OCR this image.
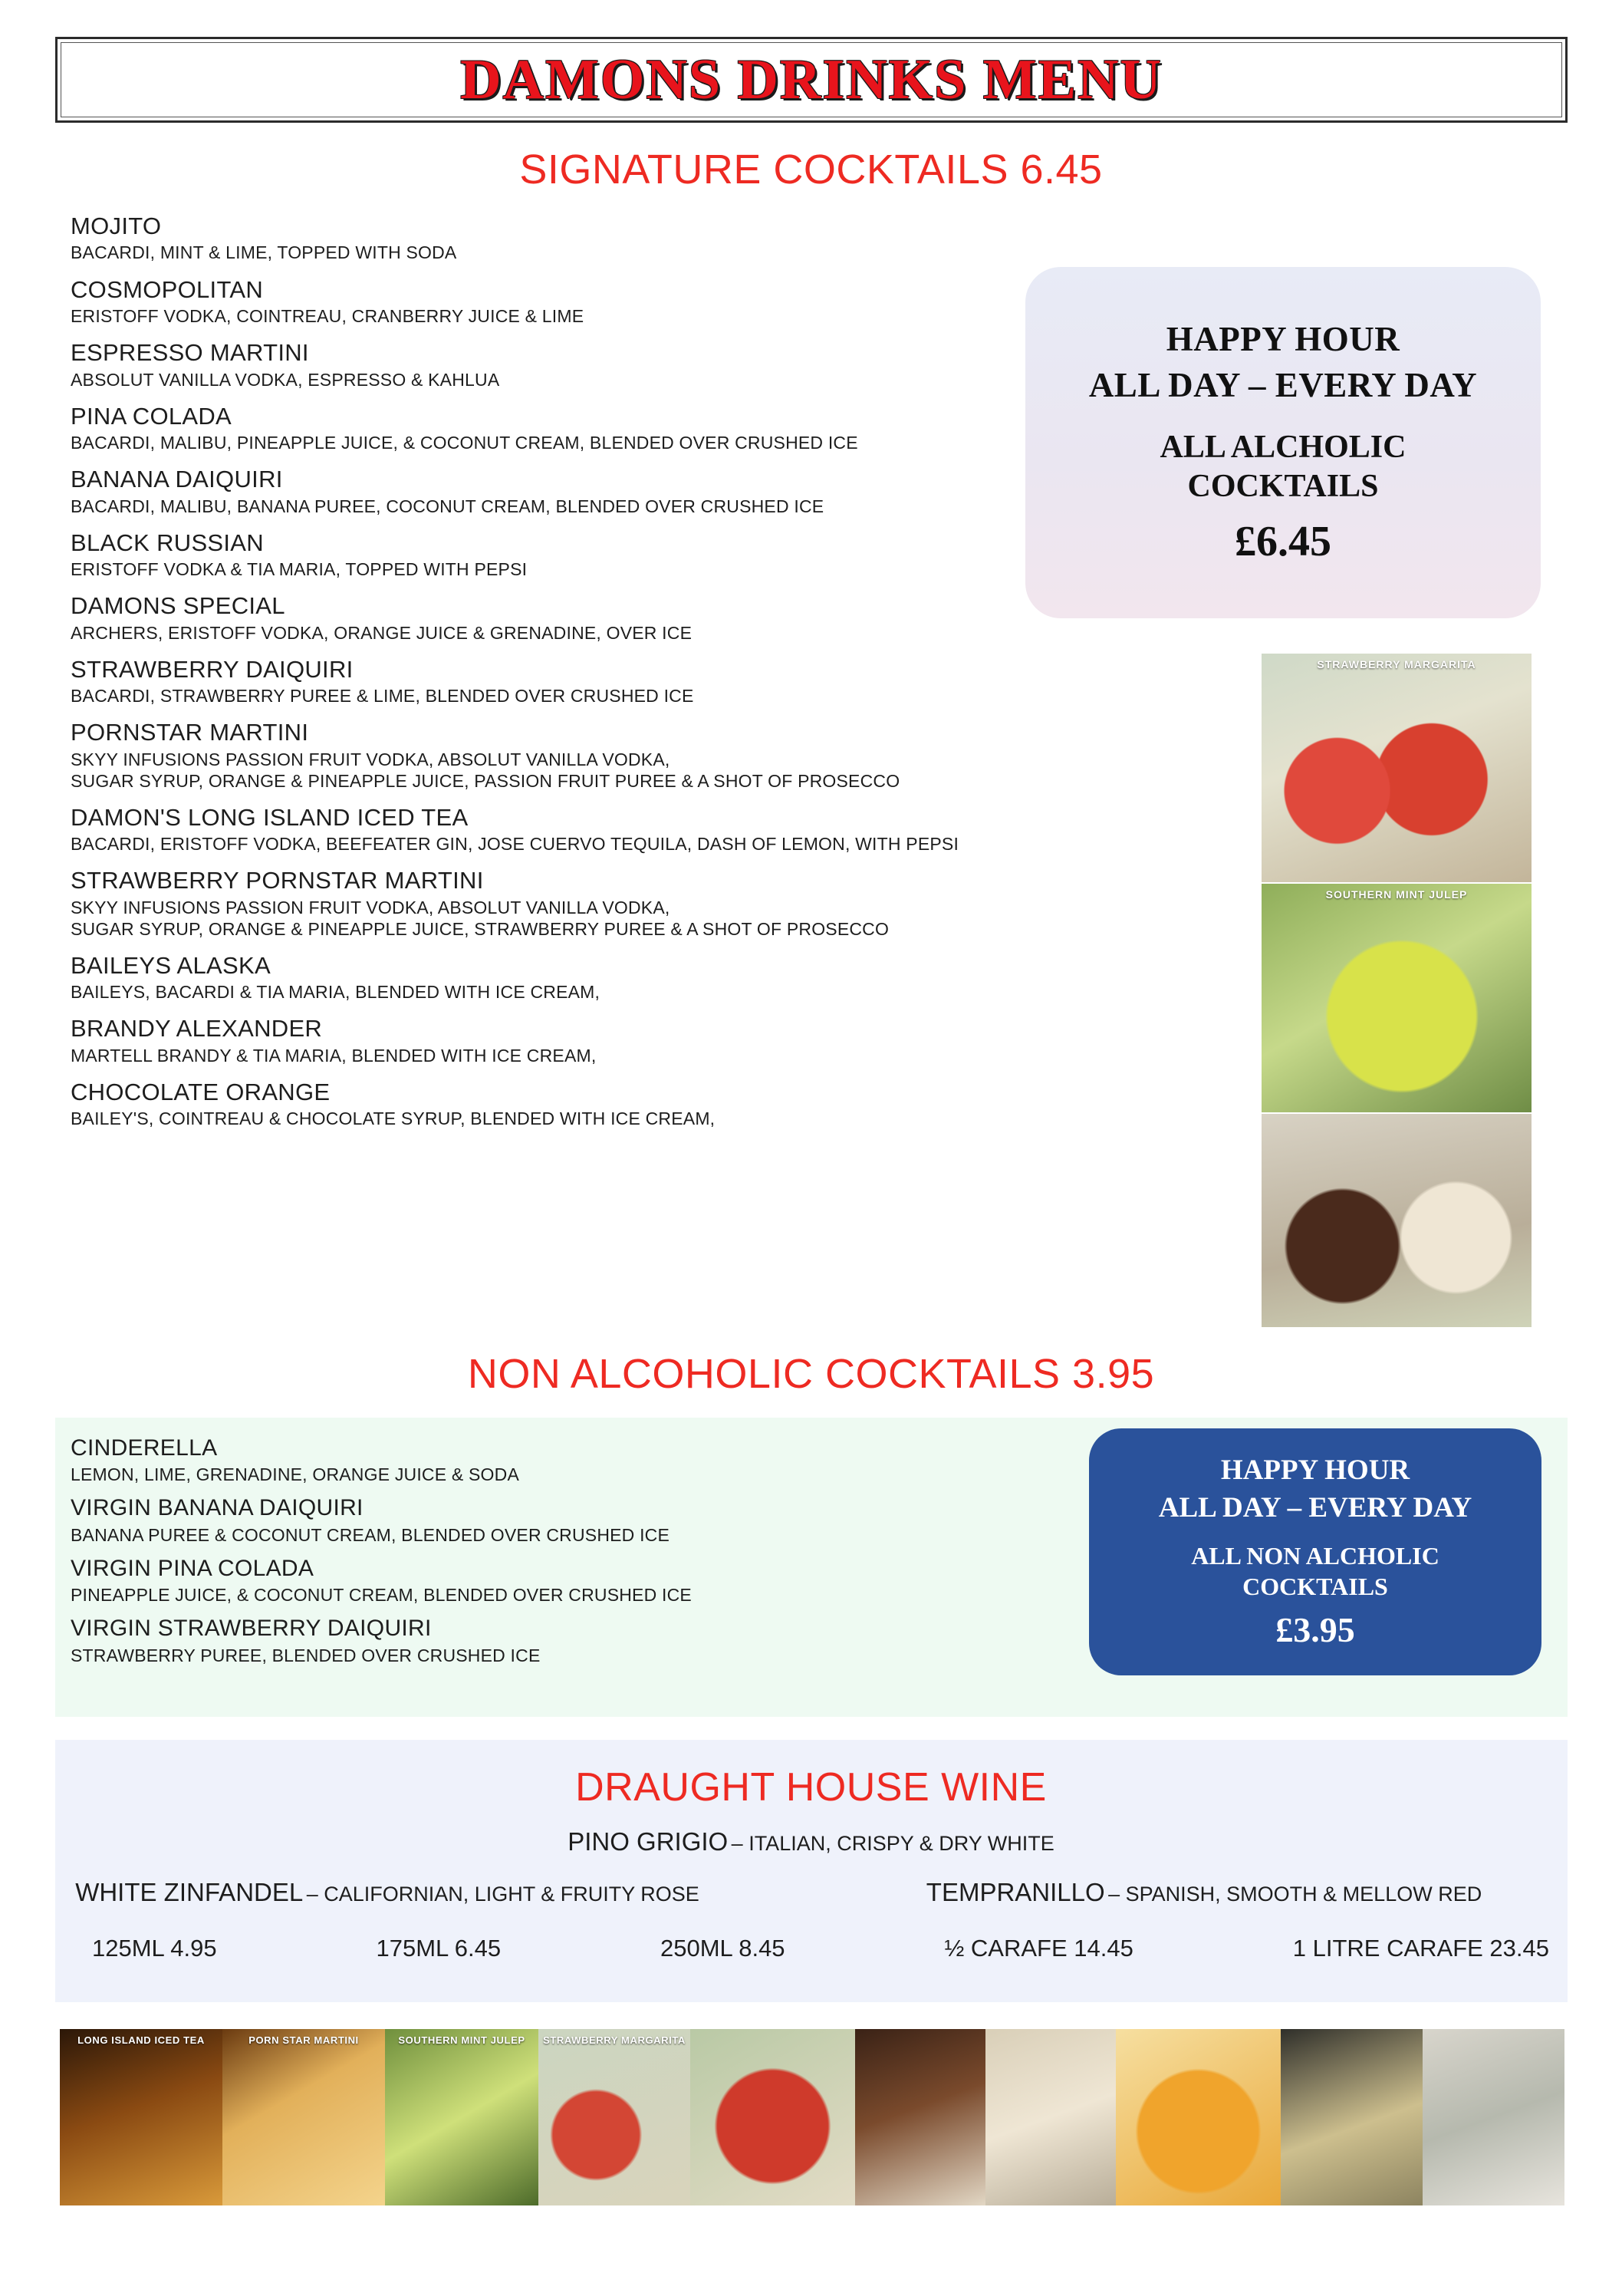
DAMONS DRINKS MENU
SIGNATURE COCKTAILS 6.45
MOJITO
BACARDI, MINT & LIME, TOPPED WITH SODA
COSMOPOLITAN
ERISTOFF VODKA, COINTREAU, CRANBERRY JUICE & LIME
ESPRESSO MARTINI
ABSOLUT VANILLA VODKA, ESPRESSO & KAHLUA
PINA COLADA
BACARDI, MALIBU, PINEAPPLE JUICE, & COCONUT CREAM, BLENDED OVER CRUSHED ICE
BANANA DAIQUIRI
BACARDI, MALIBU, BANANA PUREE, COCONUT CREAM, BLENDED OVER CRUSHED ICE
BLACK RUSSIAN
ERISTOFF VODKA & TIA MARIA, TOPPED WITH PEPSI
DAMONS SPECIAL
ARCHERS, ERISTOFF VODKA, ORANGE JUICE & GRENADINE, OVER ICE
STRAWBERRY DAIQUIRI
BACARDI, STRAWBERRY PUREE & LIME, BLENDED OVER CRUSHED ICE
PORNSTAR MARTINI
SKYY INFUSIONS PASSION FRUIT VODKA, ABSOLUT VANILLA VODKA,
SUGAR SYRUP, ORANGE & PINEAPPLE JUICE, PASSION FRUIT PUREE & A SHOT OF PROSECCO
DAMON'S LONG ISLAND ICED TEA
BACARDI, ERISTOFF VODKA, BEEFEATER GIN, JOSE CUERVO TEQUILA, DASH OF LEMON, WITH PEPSI
STRAWBERRY PORNSTAR MARTINI
SKYY INFUSIONS PASSION FRUIT VODKA, ABSOLUT VANILLA VODKA,
SUGAR SYRUP, ORANGE & PINEAPPLE JUICE, STRAWBERRY PUREE & A SHOT OF PROSECCO
BAILEYS ALASKA
BAILEYS, BACARDI & TIA MARIA, BLENDED WITH ICE CREAM,
BRANDY ALEXANDER
MARTELL BRANDY & TIA MARIA, BLENDED WITH ICE CREAM,
CHOCOLATE ORANGE
BAILEY'S, COINTREAU & CHOCOLATE SYRUP, BLENDED WITH ICE CREAM,
HAPPY HOUR
ALL DAY – EVERY DAY
ALL ALCHOLIC
COCKTAILS
£6.45
STRAWBERRY MARGARITA
SOUTHERN MINT JULEP
NON ALCOHOLIC COCKTAILS 3.95
CINDERELLA
LEMON, LIME, GRENADINE, ORANGE JUICE & SODA
VIRGIN BANANA DAIQUIRI
BANANA PUREE & COCONUT CREAM, BLENDED OVER CRUSHED ICE
VIRGIN PINA COLADA
PINEAPPLE JUICE, & COCONUT CREAM, BLENDED OVER CRUSHED ICE
VIRGIN STRAWBERRY DAIQUIRI
STRAWBERRY PUREE, BLENDED OVER CRUSHED ICE
HAPPY HOUR
ALL DAY – EVERY DAY
ALL NON ALCHOLIC
COCKTAILS
£3.95
DRAUGHT HOUSE WINE
PINO GRIGIO – ITALIAN, CRISPY & DRY WHITE
WHITE ZINFANDEL – CALIFORNIAN, LIGHT & FRUITY ROSE	TEMPRANILLO – SPANISH, SMOOTH & MELLOW RED
125ML 4.95	175ML 6.45	250ML 8.45	½ CARAFE 14.45	1 LITRE CARAFE 23.45
LONG ISLAND ICED TEA	PORN STAR MARTINI	SOUTHERN MINT JULEP	STRAWBERRY MARGARITA
